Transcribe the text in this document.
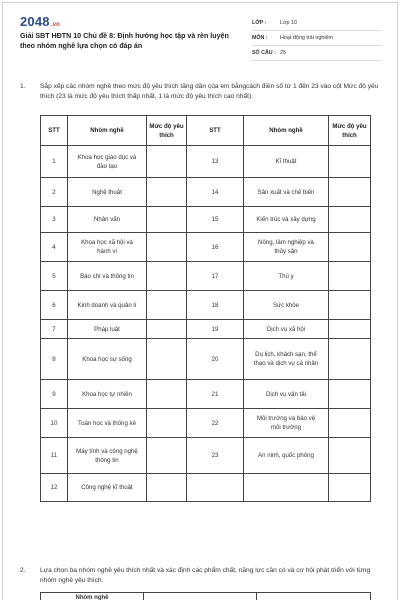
2048.vn
Giải SBT HĐTN 10 Chủ đề 8: Định hướng học tập và rèn luyện theo nhóm nghề lựa chọn có đáp án
LỚP :	Lớp 10
MÔN :	Hoạt động trải nghiệm
SỐ CÂU : 25
1. Sắp xếp các nhóm nghề theo mức độ yêu thích tăng dần của em bằngcách điền số từ 1 đến 23 vào cột Mức độ yêu thích (23 là mức độ yêu thích thấp nhất, 1 là mức độ yêu thích cao nhất).
STT	Nhóm nghề	Mức độ yêu thích	STT	Nhóm nghề	Mức độ yêu thích
1	Khoa học giáo dục và đào tạo		13	Kĩ thuật	
2	Nghệ thuật		14	Sản xuất và chế biến	
3	Nhân văn		15	Kiến trúc và xây dựng	
4	Khoa học xã hội và hành vi		16	Nông, lâm nghiệp và thủy sản	
5	Báo chí và thông tin		17	Thú y	
6	Kinh doanh và quản lí		18	Sức khỏe	
7	Pháp luật		19	Dịch vụ xã hội	
8	Khoa học sự sống		20	Du lịch, khách sạn, thể thao và dịch vụ cá nhân	
9	Khoa học tự nhiên		21	Dịch vụ vận tải	
10	Toán học và thống kê		22	Môi trường và bảo vệ môi trường	
11	Máy tính và công nghệ thông tin		23	An ninh, quốc phòng	
12	Công nghệ kĩ thuật				
2. Lựa chọn ba nhóm nghề yêu thích nhất và xác định các phẩm chất, năng lực cần có và cơ hội phát triển với từng nhóm nghề yêu thích.
Nhóm nghề		
